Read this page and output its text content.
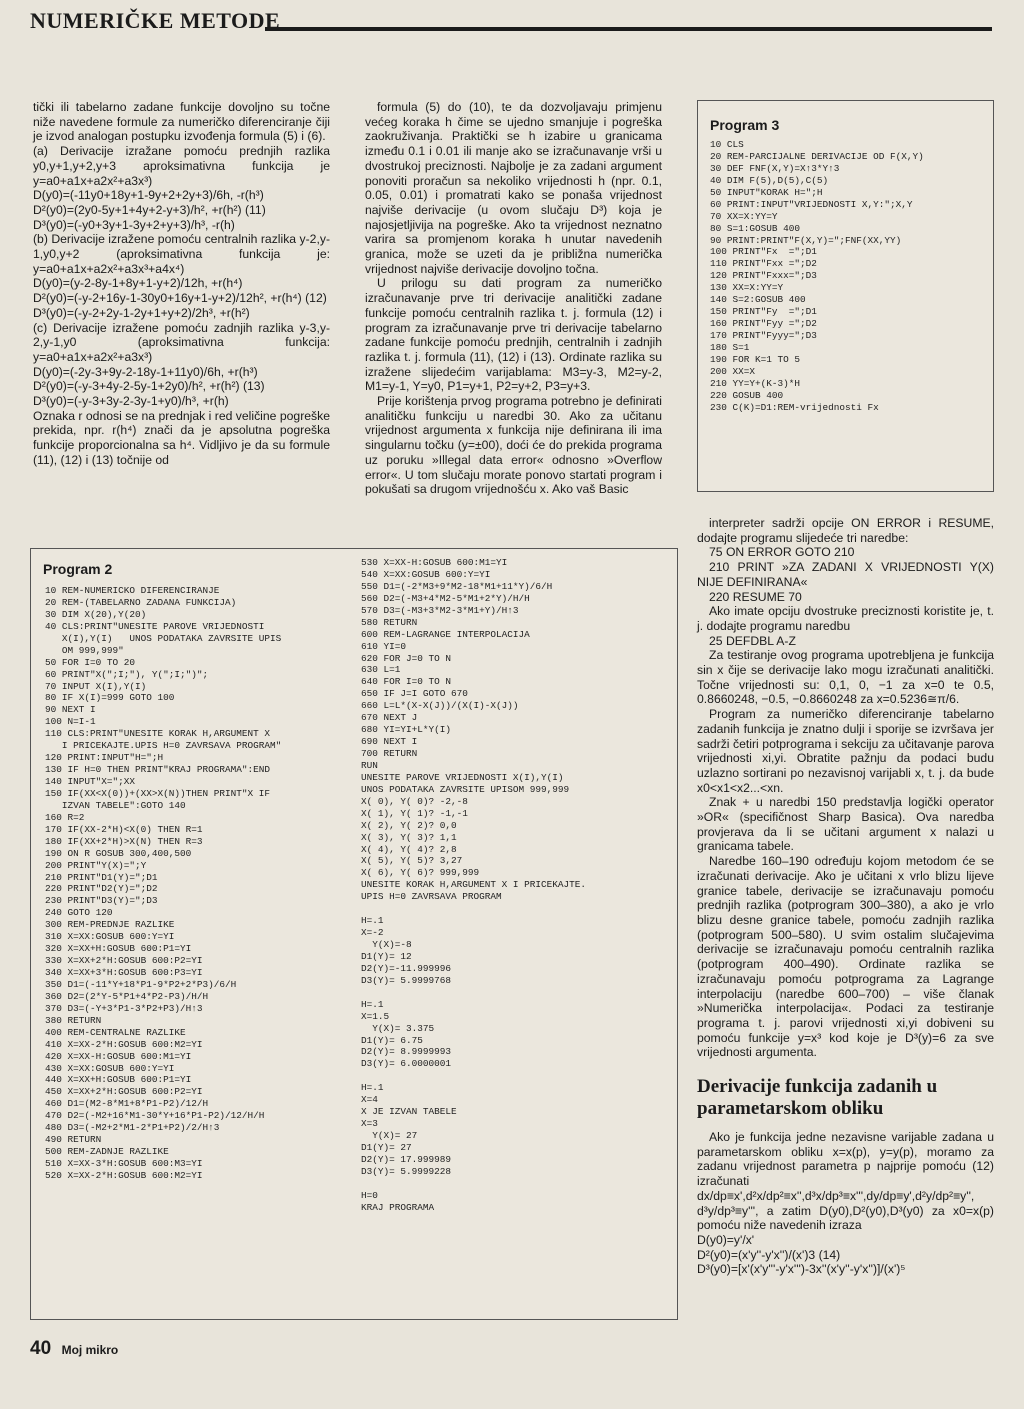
NUMERIČKE METODE

tički ili tabelarno zadane funkcije dovoljno su točne niže navedene formule za numeričko diferenciranje čiji je izvod analogan postupku izvođenja formula (5) i (6).

(a) Derivacije izražane pomoću prednjih razlika y0,y+1,y+2,y+3 aproksimativna funkcija je y=a0+a1x+a2x²+a3x³)

D(y0)=(-11y0+18y+1-9y+2+2y+3)/6h, -r(h³)

D²(y0)=(2y0-5y+1+4y+2-y+3)/h², +r(h²) (11)

D³(y0)=(-y0+3y+1-3y+2+y+3)/h³, -r(h)

(b) Derivacije izražene pomoću centralnih razlika y-2,y-1,y0,y+2 (aproksimativna funkcija je: y=a0+a1x+a2x²+a3x³+a4x⁴)

D(y0)=(y-2-8y-1+8y+1-y+2)/12h, +r(h⁴)

D²(y0)=(-y-2+16y-1-30y0+16y+1-y+2)/12h², +r(h⁴) (12)

D³(y0)=(-y-2+2y-1-2y+1+y+2)/2h³, +r(h²)

(c) Derivacije izražene pomoću zadnjih razlika y-3,y-2,y-1,y0 (aproksimativna funkcija: y=a0+a1x+a2x²+a3x³)

D(y0)=(-2y-3+9y-2-18y-1+11y0)/6h, +r(h³)

D²(y0)=(-y-3+4y-2-5y-1+2y0)/h², +r(h²) (13)

D³(y0)=(-y-3+3y-2-3y-1+y0)/h³, +r(h)

Oznaka r odnosi se na prednjak i red veličine pogreške prekida, npr. r(h⁴) znači da je apsolutna pogreška funkcije proporcionalna sa h⁴. Vidljivo je da su formule (11), (12) i (13) točnije od

formula (5) do (10), te da dozvoljavaju primjenu većeg koraka h čime se ujedno smanjuje i pogreška zaokruživanja. Praktički se h izabire u granicama između 0.1 i 0.01 ili manje ako se izračunavanje vrši u dvostrukoj preciznosti. Najbolje je za zadani argument ponoviti proračun sa nekoliko vrijednosti h (npr. 0.1, 0.05, 0.01) i promatrati kako se ponaša vrijednost najviše derivacije (u ovom slučaju D³) koja je najosjetljivija na pogreške. Ako ta vrijednost neznatno varira sa promjenom koraka h unutar navedenih granica, može se uzeti da je približna numerička vrijednost najviše derivacije dovoljno točna.

U prilogu su dati program za numeričko izračunavanje prve tri derivacije analitički zadane funkcije pomoću centralnih razlika t. j. formula (12) i program za izračunavanje prve tri derivacije tabelarno zadane funkcije pomoću prednjih, centralnih i zadnjih razlika t. j. formula (11), (12) i (13). Ordinate razlika su izražene slijedećim varijablama: M3=y-3, M2=y-2, M1=y-1, Y=y0, P1=y+1, P2=y+2, P3=y+3.

Prije korištenja prvog programa potrebno je definirati analitičku funkciju u naredbi 30. Ako za učitanu vrijednost argumenta x funkcija nije definirana ili ima singularnu točku (y=±00), doći će do prekida programa uz poruku »Illegal data error« odnosno »Overflow error«. U tom slučaju morate ponovo startati program i pokušati sa drugom vrijednošću x. Ako vaš Basic

Program 3
10 CLS
20 REM-PARCIJALNE DERIVACIJE OD F(X,Y)
30 DEF FNF(X,Y)=X↑3*Y↑3
40 DIM F(5),D(5),C(5)
50 INPUT"KORAK H=";H
60 PRINT:INPUT"VRIJEDNOSTI X,Y:";X,Y
70 XX=X:YY=Y
80 S=1:GOSUB 400
90 PRINT:PRINT"F(X,Y)=";FNF(XX,YY)
100 PRINT"Fx  =";D1
110 PRINT"Fxx =";D2
120 PRINT"Fxxx=";D3
130 XX=X:YY=Y
140 S=2:GOSUB 400
150 PRINT"Fy  =";D1
160 PRINT"Fyy =";D2
170 PRINT"Fyyy=";D3
180 S=1
190 FOR K=1 TO 5
200 XX=X
210 YY=Y+(K-3)*H
220 GOSUB 400
230 C(K)=D1:REM-vrijednosti Fx

interpreter sadrži opcije ON ERROR i RESUME, dodajte programu slijedeće tri naredbe:

75 ON ERROR GOTO 210

210 PRINT »ZA ZADANI X VRIJEDNOSTI Y(X) NIJE DEFINIRANA«

220 RESUME 70

Ako imate opciju dvostruke preciznosti koristite je, t. j. dodajte programu naredbu

25 DEFDBL A-Z

Za testiranje ovog programa upotrebljena je funkcija sin x čije se derivacije lako mogu izračunati analitički. Točne vrijednosti su: 0,1, 0, −1 za x=0 te 0.5, 0.8660248, −0.5, −0.8660248 za x=0.5236≅π/6.

Program za numeričko diferenciranje tabelarno zadanih funkcija je znatno dulji i sporije se izvršava jer sadrži četiri potprograma i sekciju za učitavanje parova vrijednosti xi,yi. Obratite pažnju da podaci budu uzlazno sortirani po nezavisnoj varijabli x, t. j. da bude x0<x1<x2...<xn.

Znak + u naredbi 150 predstavlja logički operator »OR« (specifičnost Sharp Basica). Ova naredba provjerava da li se učitani argument x nalazi u granicama tabele.

Naredbe 160–190 određuju kojom metodom će se izračunati derivacije. Ako je učitani x vrlo blizu lijeve granice tabele, derivacije se izračunavaju pomoću prednjih razlika (potprogram 300–380), a ako je vrlo blizu desne granice tabele, pomoću zadnjih razlika (potprogram 500–580). U svim ostalim slučajevima derivacije se izračunavaju pomoću centralnih razlika (potprogram 400–490). Ordinate razlika se izračunavaju pomoću potprograma za Lagrange interpolaciju (naredbe 600–700) – više članak »Numerička interpolacija«. Podaci za testiranje programa t. j. parovi vrijednosti xi,yi dobiveni su pomoću funkcije y=x³ kod koje je D³(y)=6 za sve vrijednosti argumenta.

Derivacije funkcija zadanih u parametarskom obliku

Ako je funkcija jedne nezavisne varijable zadana u parametarskom obliku x=x(p), y=y(p), moramo za zadanu vrijednost parametra p najprije pomoću (12) izračunati dx/dp≡x',d²x/dp²≡x'',d³x/dp³≡x''',dy/dp≡y',d²y/dp²≡y'', d³y/dp³≡y''', a zatim D(y0),D²(y0),D³(y0) za x0=x(p) pomoću niže navedenih izraza

D(y0)=y'/x'

D²(y0)=(x'y''-y'x'')/(x')3 (14)

D³(y0)=[x'(x'y'''-y'x''')-3x''(x'y''-y'x'')]/(x')⁵

Program 2
10 REM-NUMERICKO DIFERENCIRANJE
20 REM-(TABELARNO ZADANA FUNKCIJA)
30 DIM X(20),Y(20)
40 CLS:PRINT"UNESITE PAROVE VRIJEDNOSTI
X(I),Y(I)   UNOS PODATAKA ZAVRSITE UPIS
OM 999,999"
50 FOR I=0 TO 20
60 PRINT"X(";I;"), Y(";I;")";
70 INPUT X(I),Y(I)
80 IF X(I)=999 GOTO 100
90 NEXT I
100 N=I-1
110 CLS:PRINT"UNESITE KORAK H,ARGUMENT X
I PRICEKAJTE.UPIS H=0 ZAVRSAVA PROGRAM"
120 PRINT:INPUT"H=";H
130 IF H=0 THEN PRINT"KRAJ PROGRAMA":END
140 INPUT"X=";XX
150 IF(XX<X(0))+(XX>X(N))THEN PRINT"X IF
IZVAN TABELE":GOTO 140
160 R=2
170 IF(XX-2*H)<X(0) THEN R=1
180 IF(XX+2*H)>X(N) THEN R=3
190 ON R GOSUB 300,400,500
200 PRINT"Y(X)=";Y
210 PRINT"D1(Y)=";D1
220 PRINT"D2(Y)=";D2
230 PRINT"D3(Y)=";D3
240 GOTO 120
300 REM-PREDNJE RAZLIKE
310 X=XX:GOSUB 600:Y=YI
320 X=XX+H:GOSUB 600:P1=YI
330 X=XX+2*H:GOSUB 600:P2=YI
340 X=XX+3*H:GOSUB 600:P3=YI
350 D1=(-11*Y+18*P1-9*P2+2*P3)/6/H
360 D2=(2*Y-5*P1+4*P2-P3)/H/H
370 D3=(-Y+3*P1-3*P2+P3)/H↑3
380 RETURN
400 REM-CENTRALNE RAZLIKE
410 X=XX-2*H:GOSUB 600:M2=YI
420 X=XX-H:GOSUB 600:M1=YI
430 X=XX:GOSUB 600:Y=YI
440 X=XX+H:GOSUB 600:P1=YI
450 X=XX+2*H:GOSUB 600:P2=YI
460 D1=(M2-8*M1+8*P1-P2)/12/H
470 D2=(-M2+16*M1-30*Y+16*P1-P2)/12/H/H
480 D3=(-M2+2*M1-2*P1+P2)/2/H↑3
490 RETURN
500 REM-ZADNJE RAZLIKE
510 X=XX-3*H:GOSUB 600:M3=YI
520 X=XX-2*H:GOSUB 600:M2=YI
530 X=XX-H:GOSUB 600:M1=YI
540 X=XX:GOSUB 600:Y=YI
550 D1=(-2*M3+9*M2-18*M1+11*Y)/6/H
560 D2=(-M3+4*M2-5*M1+2*Y)/H/H
570 D3=(-M3+3*M2-3*M1+Y)/H↑3
580 RETURN
600 REM-LAGRANGE INTERPOLACIJA
610 YI=0
620 FOR J=0 TO N
630 L=1
640 FOR I=0 TO N
650 IF J=I GOTO 670
660 L=L*(X-X(J))/(X(I)-X(J))
670 NEXT J
680 YI=YI+L*Y(I)
690 NEXT I
700 RETURN
RUN
UNESITE PAROVE VRIJEDNOSTI X(I),Y(I)
UNOS PODATAKA ZAVRSITE UPISOM 999,999
X( 0), Y( 0)? -2,-8
X( 1), Y( 1)? -1,-1
X( 2), Y( 2)? 0,0
X( 3), Y( 3)? 1,1
X( 4), Y( 4)? 2,8
X( 5), Y( 5)? 3,27
X( 6), Y( 6)? 999,999
UNESITE KORAK H,ARGUMENT X I PRICEKAJTE.
UPIS H=0 ZAVRSAVA PROGRAM
H=.1
X=-2
Y(X)=-8
D1(Y)= 12
D2(Y)=-11.999996
D3(Y)= 5.9999768
H=.1
X=1.5
Y(X)= 3.375
D1(Y)= 6.75
D2(Y)= 8.9999993
D3(Y)= 6.0000001
H=.1
X=4
X JE IZVAN TABELE
X=3
Y(X)= 27
D1(Y)= 27
D2(Y)= 17.999989
D3(Y)= 5.9999228
H=0
KRAJ PROGRAMA
40 Moj mikro
